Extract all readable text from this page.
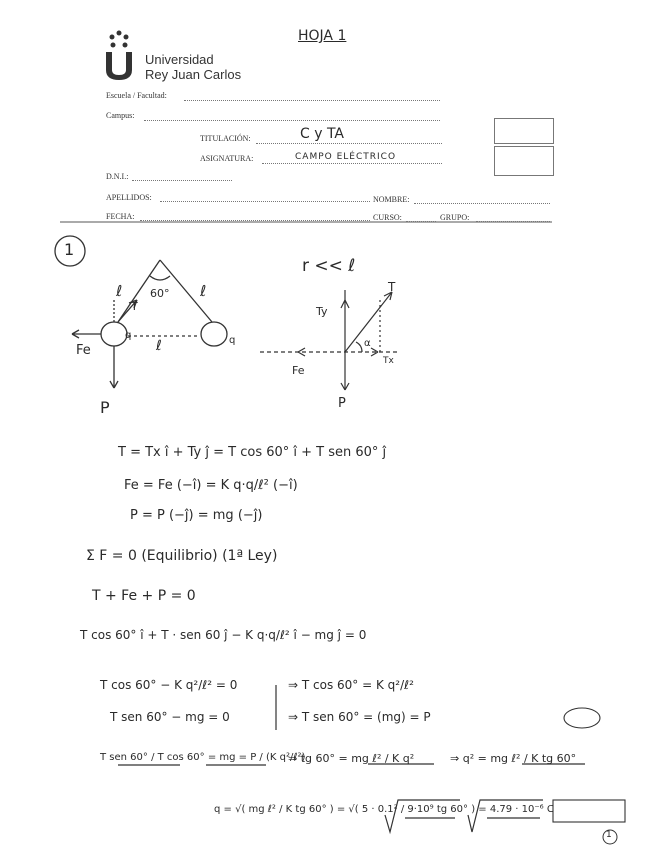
Universidad
Rey Juan Carlos
HOJA 1
Escuela / Facultad:
Campus:
TITULACIÓN:	C y TA
ASIGNATURA:	CAMPO ELÉCTRICO
D.N.I.:
APELLIDOS:	NOMBRE:
FECHA:	CURSO:	GRUPO:
1
60°
ℓ	ℓ
ℓ
q	q
T
Fe
P
r << ℓ
Ty
Tx
T
Fe
P
α
T = Tx î + Ty ĵ = T cos 60° î + T sen 60° ĵ
Fe = Fe (−î) = K q·q/ℓ² (−î)
P = P (−ĵ) = mg (−ĵ)
Σ F = 0 (Equilibrio) (1ª Ley)
T + Fe + P = 0
T cos 60° î + T · sen 60 ĵ − K q·q/ℓ² î − mg ĵ = 0
T cos 60° − K q²/ℓ² = 0
T sen 60° − mg = 0
⇒ T cos 60° = K q²/ℓ²
⇒ T sen 60° = (mg) = P
T sen 60° / T cos 60° = mg = P / (K q²/ℓ²)
⇒ tg 60° = mg ℓ² / K q²	⇒ q² = mg ℓ² / K tg 60°
q = √( mg ℓ² / K tg 60° ) = √( 5 · 0.1² / 9·10⁹ tg 60° ) = 4.79 · 10⁻⁶ C
1
